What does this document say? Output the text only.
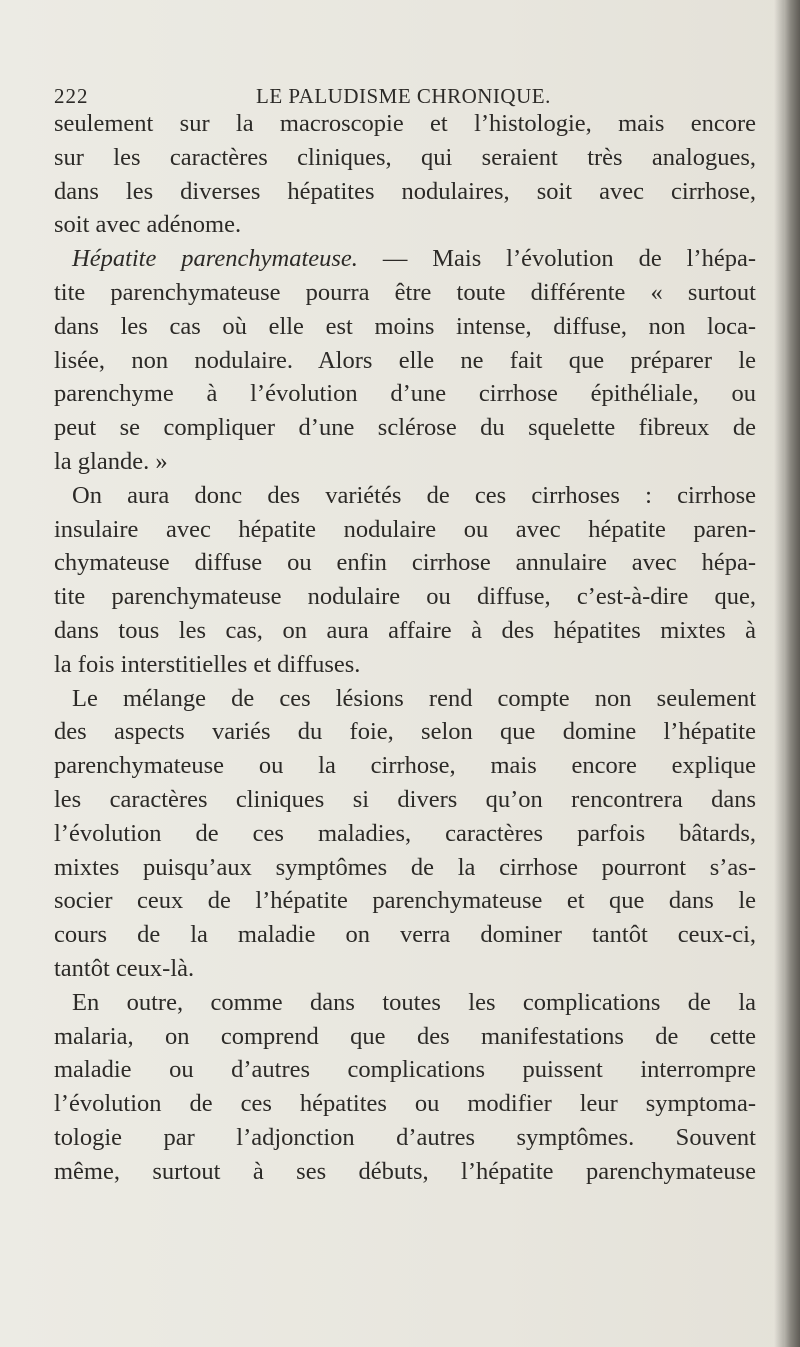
222	LE PALUDISME CHRONIQUE.
seulement sur la macroscopie et l’histologie, mais encore
sur les caractères cliniques, qui seraient très analogues,
dans les diverses hépatites nodulaires, soit avec cirrhose,
soit avec adénome.
Hépatite parenchymateuse. — Mais l’évolution de l’hépa-
tite parenchymateuse pourra être toute différente « surtout
dans les cas où elle est moins intense, diffuse, non loca-
lisée, non nodulaire. Alors elle ne fait que préparer le
parenchyme à l’évolution d’une cirrhose épithéliale, ou
peut se compliquer d’une sclérose du squelette fibreux de
la glande. »
On aura donc des variétés de ces cirrhoses : cirrhose
insulaire avec hépatite nodulaire ou avec hépatite paren-
chymateuse diffuse ou enfin cirrhose annulaire avec hépa-
tite parenchymateuse nodulaire ou diffuse, c’est-à-dire que,
dans tous les cas, on aura affaire à des hépatites mixtes à
la fois interstitielles et diffuses.
Le mélange de ces lésions rend compte non seulement
des aspects variés du foie, selon que domine l’hépatite
parenchymateuse ou la cirrhose, mais encore explique
les caractères cliniques si divers qu’on rencontrera dans
l’évolution de ces maladies, caractères parfois bâtards,
mixtes puisqu’aux symptômes de la cirrhose pourront s’as-
socier ceux de l’hépatite parenchymateuse et que dans le
cours de la maladie on verra dominer tantôt ceux-ci,
tantôt ceux-là.
En outre, comme dans toutes les complications de la
malaria, on comprend que des manifestations de cette
maladie ou d’autres complications puissent interrompre
l’évolution de ces hépatites ou modifier leur symptoma-
tologie par l’adjonction d’autres symptômes. Souvent
même, surtout à ses débuts, l’hépatite parenchymateuse
